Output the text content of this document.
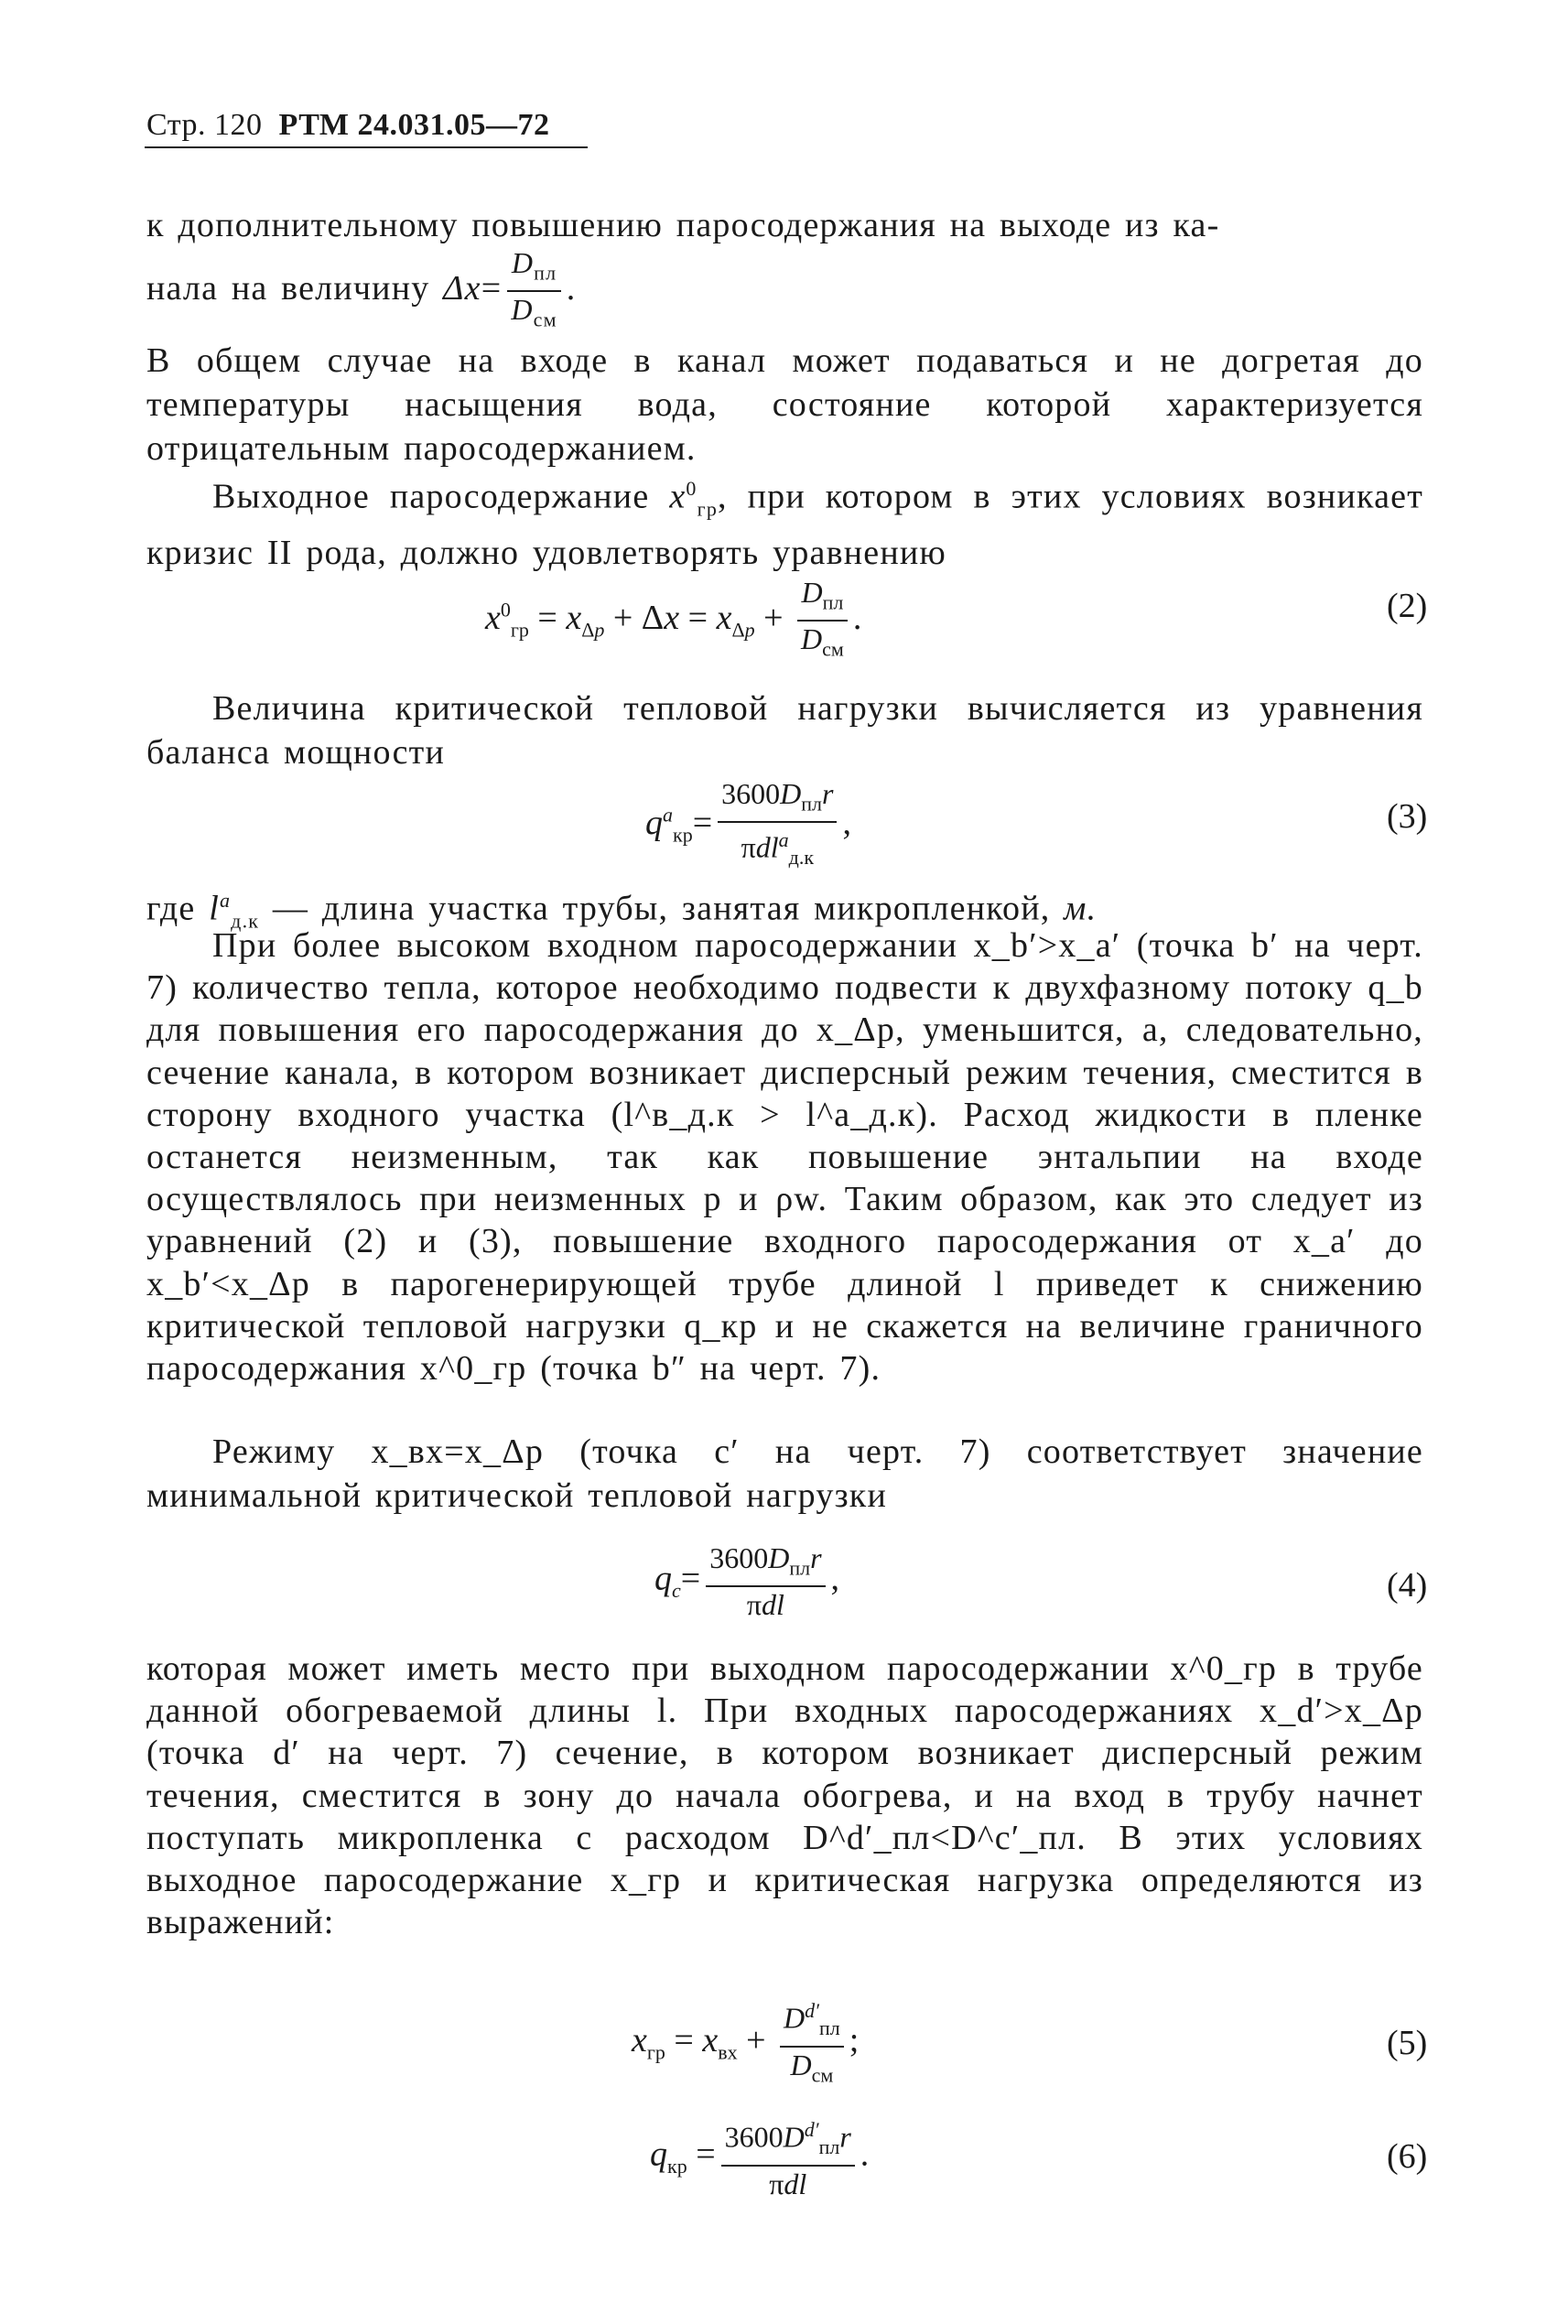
Стр. 120 РТМ 24.031.05—72
к дополнительному повышению паросодержания на выходе из ка-
нала на величину $\Delta x= \frac{D_{пл}}{D_{см}}$ .
В общем случае на входе в канал может подаваться и не догретая до температуры насыщения вода, состояние которой характеризуется отрицательным паросодержанием.
Выходное паросодержание $x^0_{гр}$, при котором в этих условиях возникает кризис II рода, должно удовлетворять уравнению
$x^0_{гр} = x_{\Delta p} + \Delta x = x_{\Delta p} + \frac{D_{пл}}{D_{см}}$ .	(2)
Величина критической тепловой нагрузки вычисляется из уравнения баланса мощности
$q^a_{кр}= \frac{3600D_{пл}r}{\pi dl^a_{д.к}}$ ,	(3)
где $l^a_{д.к}$ — длина участка трубы, занятая микропленкой, м.
При более высоком входном паросодержании x_b′>x_a′ (точка b′ на черт. 7) количество тепла, которое необходимо подвести к двухфазному потоку q_b для повышения его паросодержания до x_Δp, уменьшится, а, следовательно, сечение канала, в котором возникает дисперсный режим течения, сместится в сторону входного участка (l^в_д.к > l^a_д.к). Расход жидкости в пленке останется неизменным, так как повышение энтальпии на входе осуществлялось при неизменных p и ρw. Таким образом, как это следует из уравнений (2) и (3), повышение входного паросодержания от x_a′ до x_b′<x_Δp в парогенерирующей трубе длиной l приведет к снижению критической тепловой нагрузки q_кр и не скажется на величине граничного паросодержания x^0_гр (точка b″ на черт. 7).
Режиму x_вх=x_Δp (точка c′ на черт. 7) соответствует значение минимальной критической тепловой нагрузки
$q_c= \frac{3600D_{пл}r}{\text{πdl}}$ ,	(4)
которая может иметь место при выходном паросодержании x^0_гр в трубе данной обогреваемой длины l. При входных паросодержаниях x_d′>x_Δp (точка d′ на черт. 7) сечение, в котором возникает дисперсный режим течения, сместится в зону до начала обогрева, и на вход в трубу начнет поступать микропленка с расходом D^d′_пл<D^c′_пл. В этих условиях выходное паросодержание x_гр и критическая нагрузка определяются из выражений:
$x_{гр} = x_{вх} + \frac{D^{d'}_{пл}}{D_{см}}$ ;	(5)
$q_{кр} = \frac{3600D^{d'}_{пл}r}{\text{πdl}}$ .	(6)
